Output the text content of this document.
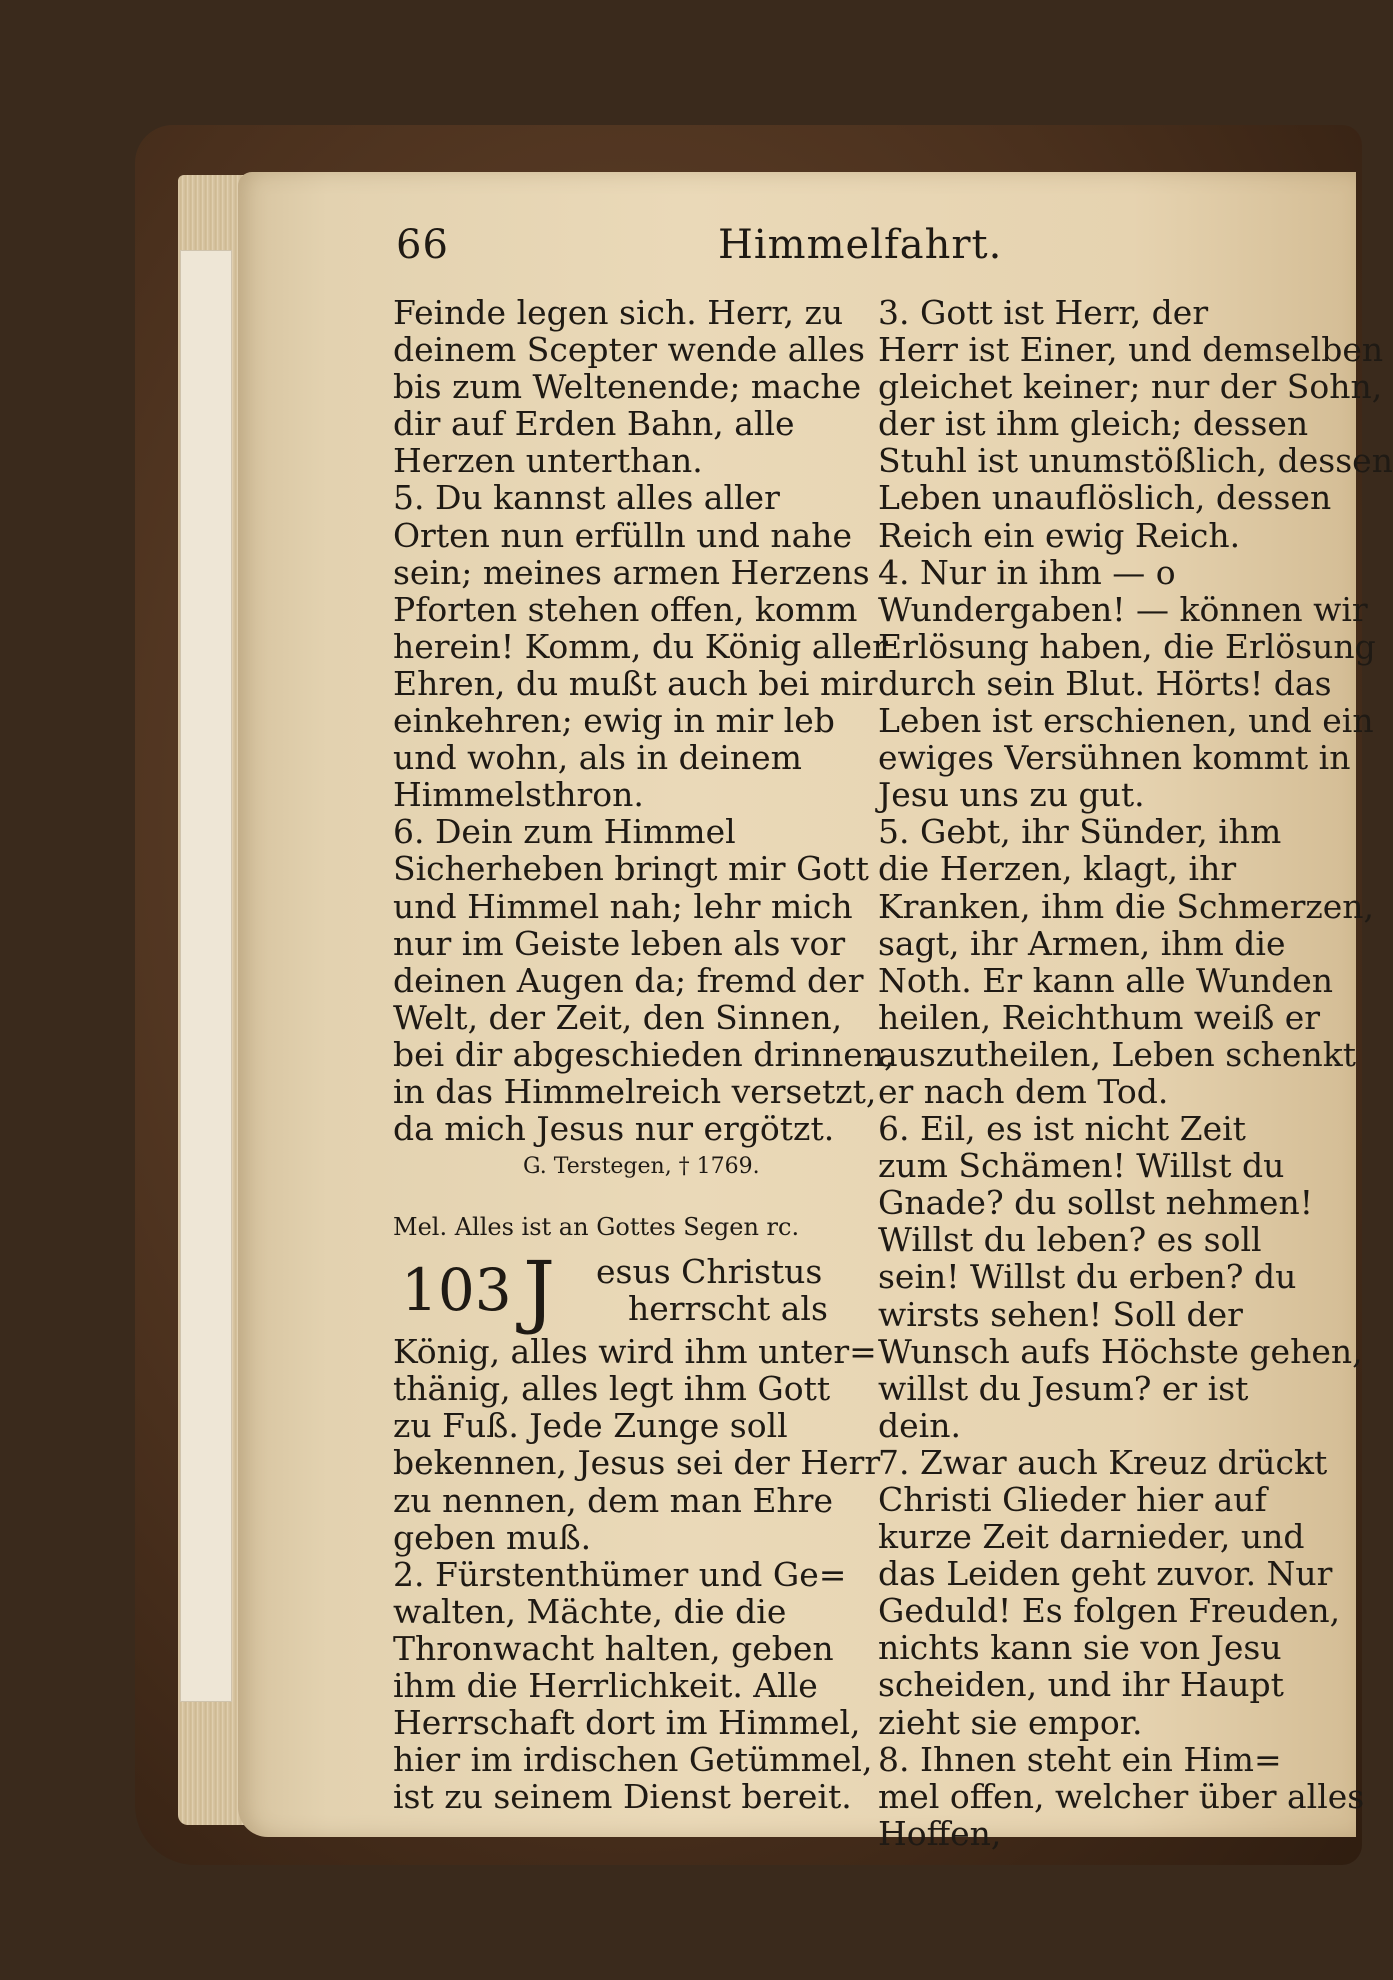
66	Himmelfahrt.
Feinde legen sich. Herr, zu
deinem Scepter wende alles
bis zum Weltenende; mache
dir auf Erden Bahn, alle
Herzen unterthan.
5. Du kannst alles aller
Orten nun erfülln und nahe
sein; meines armen Herzens
Pforten stehen offen, komm
herein! Komm, du König aller
Ehren, du mußt auch bei mir
einkehren; ewig in mir leb
und wohn, als in deinem
Himmelsthron.
6. Dein zum Himmel
Sicherheben bringt mir Gott
und Himmel nah; lehr mich
nur im Geiste leben als vor
deinen Augen da; fremd der
Welt, der Zeit, den Sinnen,
bei dir abgeschieden drinnen,
in das Himmelreich versetzt,
da mich Jesus nur ergötzt.
G. Terstegen, † 1769.
Mel. Alles ist an Gottes Segen rc.
103 J esus Christus
herrscht als
König, alles wird ihm unter=
thänig, alles legt ihm Gott
zu Fuß. Jede Zunge soll
bekennen, Jesus sei der Herr
zu nennen, dem man Ehre
geben muß.
2. Fürstenthümer und Ge=
walten, Mächte, die die
Thronwacht halten, geben
ihm die Herrlichkeit. Alle
Herrschaft dort im Himmel,
hier im irdischen Getümmel,
ist zu seinem Dienst bereit.
3. Gott ist Herr, der
Herr ist Einer, und demselben
gleichet keiner; nur der Sohn,
der ist ihm gleich; dessen
Stuhl ist unumstößlich, dessen
Leben unauflöslich, dessen
Reich ein ewig Reich.
4. Nur in ihm — o
Wundergaben! — können wir
Erlösung haben, die Erlösung
durch sein Blut. Hörts! das
Leben ist erschienen, und ein
ewiges Versühnen kommt in
Jesu uns zu gut.
5. Gebt, ihr Sünder, ihm
die Herzen, klagt, ihr
Kranken, ihm die Schmerzen,
sagt, ihr Armen, ihm die
Noth. Er kann alle Wunden
heilen, Reichthum weiß er
auszutheilen, Leben schenkt
er nach dem Tod.
6. Eil, es ist nicht Zeit
zum Schämen! Willst du
Gnade? du sollst nehmen!
Willst du leben? es soll
sein! Willst du erben? du
wirsts sehen! Soll der
Wunsch aufs Höchste gehen,
willst du Jesum? er ist
dein.
7. Zwar auch Kreuz drückt
Christi Glieder hier auf
kurze Zeit darnieder, und
das Leiden geht zuvor. Nur
Geduld! Es folgen Freuden,
nichts kann sie von Jesu
scheiden, und ihr Haupt
zieht sie empor.
8. Ihnen steht ein Him=
mel offen, welcher über alles
Hoffen,
